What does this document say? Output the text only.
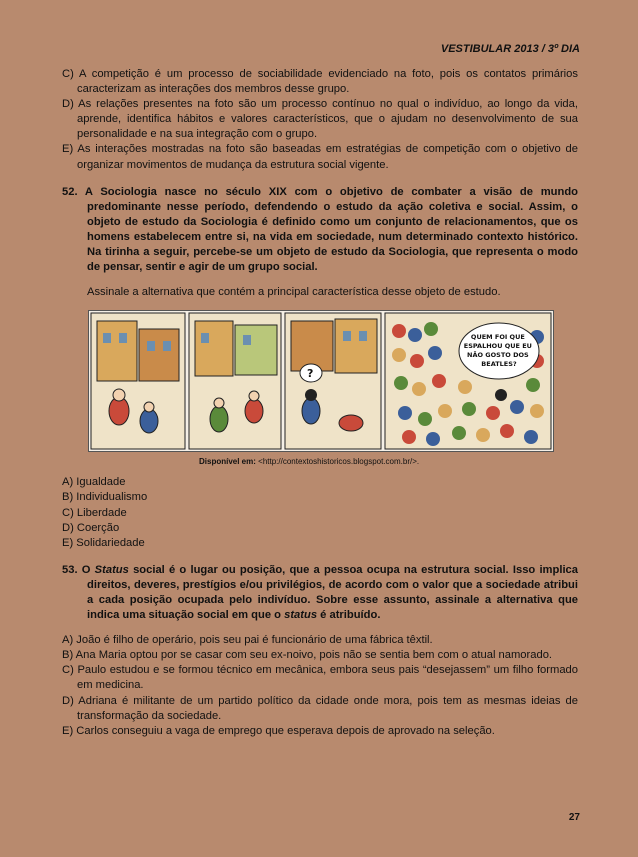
VESTIBULAR 2013 / 3º DIA

C) A competição é um processo de sociabilidade evidenciado na foto, pois os contatos primários caracterizam as interações dos membros desse grupo.

D) As relações presentes na foto são um processo contínuo no qual o indivíduo, ao longo da vida, aprende, identifica hábitos e valores característicos, que o ajudam no desenvolvimento de sua personalidade e na sua integração com o grupo.

E) As interações mostradas na foto são baseadas em estratégias de competição com o objetivo de organizar movimentos de mudança da estrutura social vigente.

52. A Sociologia nasce no século XIX com o objetivo de combater a visão de mundo predominante nesse período, defendendo o estudo da ação coletiva e social. Assim, o objeto de estudo da Sociologia é definido como um conjunto de relacionamentos, que os homens estabelecem entre si, na vida em sociedade, num determinado contexto histórico. Na tirinha a seguir, percebe-se um objeto de estudo da Sociologia, que representa o modo de pensar, sentir e agir de um grupo social.

Assinale a alternativa que contém a principal característica desse objeto de estudo.

?
QUEM FOI QUE ESPALHOU QUE EU NÃO GOSTO DOS BEATLES?
Disponível em: <http://contextoshistoricos.blogspot.com.br/>.

A) Igualdade

B) Individualismo

C) Liberdade

D) Coerção

E) Solidariedade

53. O Status social é o lugar ou posição, que a pessoa ocupa na estrutura social. Isso implica direitos, deveres, prestígios e/ou privilégios, de acordo com o valor que a sociedade atribui a cada posição ocupada pelo indivíduo. Sobre esse assunto, assinale a alternativa que indica uma situação social em que o status é atribuído.

A) João é filho de operário, pois seu pai é funcionário de uma fábrica têxtil.

B) Ana Maria optou por se casar com seu ex-noivo, pois não se sentia bem com o atual namorado.

C) Paulo estudou e se formou técnico em mecânica, embora seus pais “desejassem” um filho formado em medicina.

D) Adriana é militante de um partido político da cidade onde mora, pois tem as mesmas ideias de transformação da sociedade.

E) Carlos conseguiu a vaga de emprego que esperava depois de aprovado na seleção.

27
